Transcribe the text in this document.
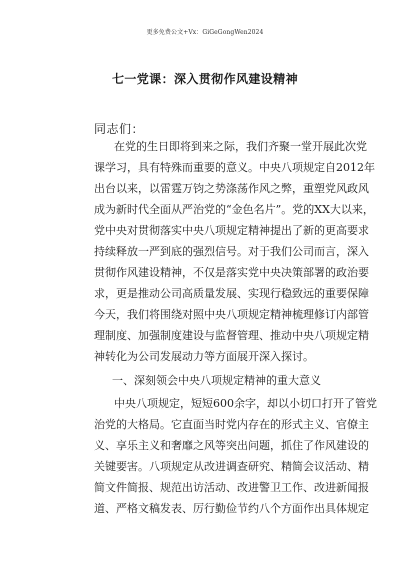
更多免费公文+Vx：GiGeGongWen2024
七一党课：深入贯彻作风建设精神
同志们：
在党的生日即将到来之际，我们齐聚一堂开展此次党
课学习，具有特殊而重要的意义。中央八项规定自2012年
出台以来，以雷霆万钧之势涤荡作风之弊，重塑党风政风
成为新时代全面从严治党的“金色名片”。党的XX大以来，
党中央对贯彻落实中央八项规定精神提出了新的更高要求
持续释放一严到底的强烈信号。对于我们公司而言，深入
贯彻作风建设精神，不仅是落实党中央决策部署的政治要
求，更是推动公司高质量发展、实现行稳致远的重要保障
今天，我们将围绕对照中央八项规定精神梳理修订内部管
理制度、加强制度建设与监督管理、推动中央八项规定精
神转化为公司发展动力等方面展开深入探讨。
一、深刻领会中央八项规定精神的重大意义
中央八项规定，短短600余字，却以小切口打开了管党
治党的大格局。它直面当时党内存在的形式主义、官僚主
义、享乐主义和奢靡之风等突出问题，抓住了作风建设的
关键要害。八项规定从改进调查研究、精简会议活动、精
简文件简报、规范出访活动、改进警卫工作、改进新闻报
道、严格文稿发表、厉行勤俭节约八个方面作出具体规定
